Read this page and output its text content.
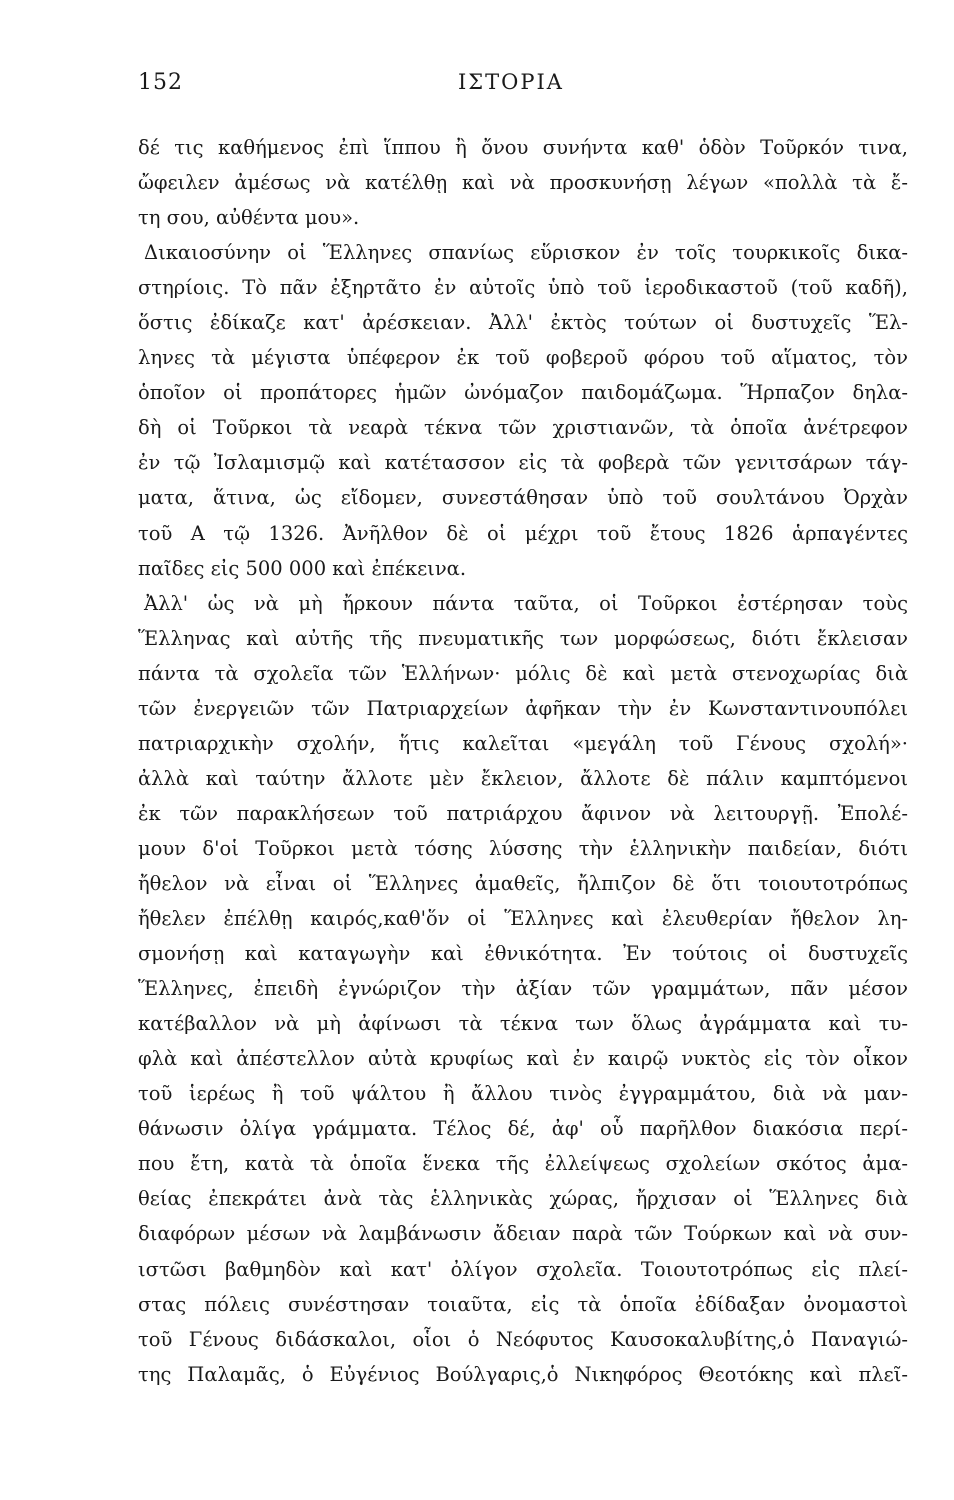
152	ΙΣΤΟΡΙΑ
δέ τις καθήμενος ἐπὶ ἵππου ἢ ὄνου συνήντα καθ' ὁδὸν Τοῦρκόν τινα,
ὤφειλεν ἀμέσως νὰ κατέλθῃ καὶ νὰ προσκυνήσῃ λέγων «πολλὰ τὰ ἔ-
τη σου, αὐθέντα μου».
Δικαιοσύνην οἱ Ἕλληνες σπανίως εὕρισκον ἐν τοῖς τουρκικοῖς δικα-
στηρίοις. Τὸ πᾶν ἐξηρτᾶτο ἐν αὐτοῖς ὑπὸ τοῦ ἱεροδικαστοῦ (τοῦ καδῆ),
ὅστις ἐδίκαζε κατ' ἀρέσκειαν. Ἀλλ' ἐκτὸς τούτων οἱ δυστυχεῖς Ἕλ-
ληνες τὰ μέγιστα ὑπέφερον ἐκ τοῦ φοβεροῦ φόρου τοῦ αἵματος, τὸν
ὁποῖον οἱ προπάτορες ἡμῶν ὠνόμαζον παιδομάζωμα. Ἥρπαζον δηλα-
δὴ οἱ Τοῦρκοι τὰ νεαρὰ τέκνα τῶν χριστιανῶν, τὰ ὁποῖα ἀνέτρεφον
ἐν τῷ Ἰσλαμισμῷ καὶ κατέτασσον εἰς τὰ φοβερὰ τῶν γενιτσάρων τάγ-
ματα, ἅτινα, ὡς εἴδομεν, συνεστάθησαν ὑπὸ τοῦ σουλτάνου Ὀρχὰν
τοῦ Α τῷ 1326. Ἀνῆλθον δὲ οἱ μέχρι τοῦ ἔτους 1826 ἁρπαγέντες
παῖδες εἰς 500 000 καὶ ἐπέκεινα.
Ἀλλ' ὡς νὰ μὴ ἤρκουν πάντα ταῦτα, οἱ Τοῦρκοι ἐστέρησαν τοὺς
Ἕλληνας καὶ αὐτῆς τῆς πνευματικῆς των μορφώσεως, διότι ἔκλεισαν
πάντα τὰ σχολεῖα τῶν Ἑλλήνων· μόλις δὲ καὶ μετὰ στενοχωρίας διὰ
τῶν ἐνεργειῶν τῶν Πατριαρχείων ἀφῆκαν τὴν ἐν Κωνσταντινουπόλει
πατριαρχικὴν σχολήν, ἥτις καλεῖται «μεγάλη τοῦ Γένους σχολή»·
ἀλλὰ καὶ ταύτην ἄλλοτε μὲν ἔκλειον, ἄλλοτε δὲ πάλιν καμπτόμενοι
ἐκ τῶν παρακλήσεων τοῦ πατριάρχου ἄφινον νὰ λειτουργῇ. Ἐπολέ-
μουν δ'οἱ Τοῦρκοι μετὰ τόσης λύσσης τὴν ἑλληνικὴν παιδείαν, διότι
ἤθελον νὰ εἶναι οἱ Ἕλληνες ἀμαθεῖς, ἤλπιζον δὲ ὅτι τοιουτοτρόπως
ἤθελεν ἐπέλθῃ καιρός,καθ'ὅν οἱ Ἕλληνες καὶ ἐλευθερίαν ἤθελον λη-
σμονήσῃ καὶ καταγωγὴν καὶ ἐθνικότητα. Ἐν τούτοις οἱ δυστυχεῖς
Ἕλληνες, ἐπειδὴ ἐγνώριζον τὴν ἀξίαν τῶν γραμμάτων, πᾶν μέσον
κατέβαλλον νὰ μὴ ἀφίνωσι τὰ τέκνα των ὅλως ἀγράμματα καὶ τυ-
φλὰ καὶ ἀπέστελλον αὐτὰ κρυφίως καὶ ἐν καιρῷ νυκτὸς εἰς τὸν οἶκον
τοῦ ἱερέως ἢ τοῦ ψάλτου ἢ ἄλλου τινὸς ἐγγραμμάτου, διὰ νὰ μαν-
θάνωσιν ὀλίγα γράμματα. Τέλος δέ, ἀφ' οὗ παρῆλθον διακόσια περί-
που ἔτη, κατὰ τὰ ὁποῖα ἕνεκα τῆς ἐλλείψεως σχολείων σκότος ἀμα-
θείας ἐπεκράτει ἀνὰ τὰς ἑλληνικὰς χώρας, ἤρχισαν οἱ Ἕλληνες διὰ
διαφόρων μέσων νὰ λαμβάνωσιν ἄδειαν παρὰ τῶν Τούρκων καὶ νὰ συν-
ιστῶσι βαθμηδὸν καὶ κατ' ὀλίγον σχολεῖα. Τοιουτοτρόπως εἰς πλεί-
στας πόλεις συνέστησαν τοιαῦτα, εἰς τὰ ὁποῖα ἐδίδαξαν ὀνομαστοὶ
τοῦ Γένους διδάσκαλοι, οἷοι ὁ Νεόφυτος Καυσοκαλυβίτης,ὁ Παναγιώ-
της Παλαμᾶς, ὁ Εὐγένιος Βούλγαρις,ὁ Νικηφόρος Θεοτόκης καὶ πλεῖ-
